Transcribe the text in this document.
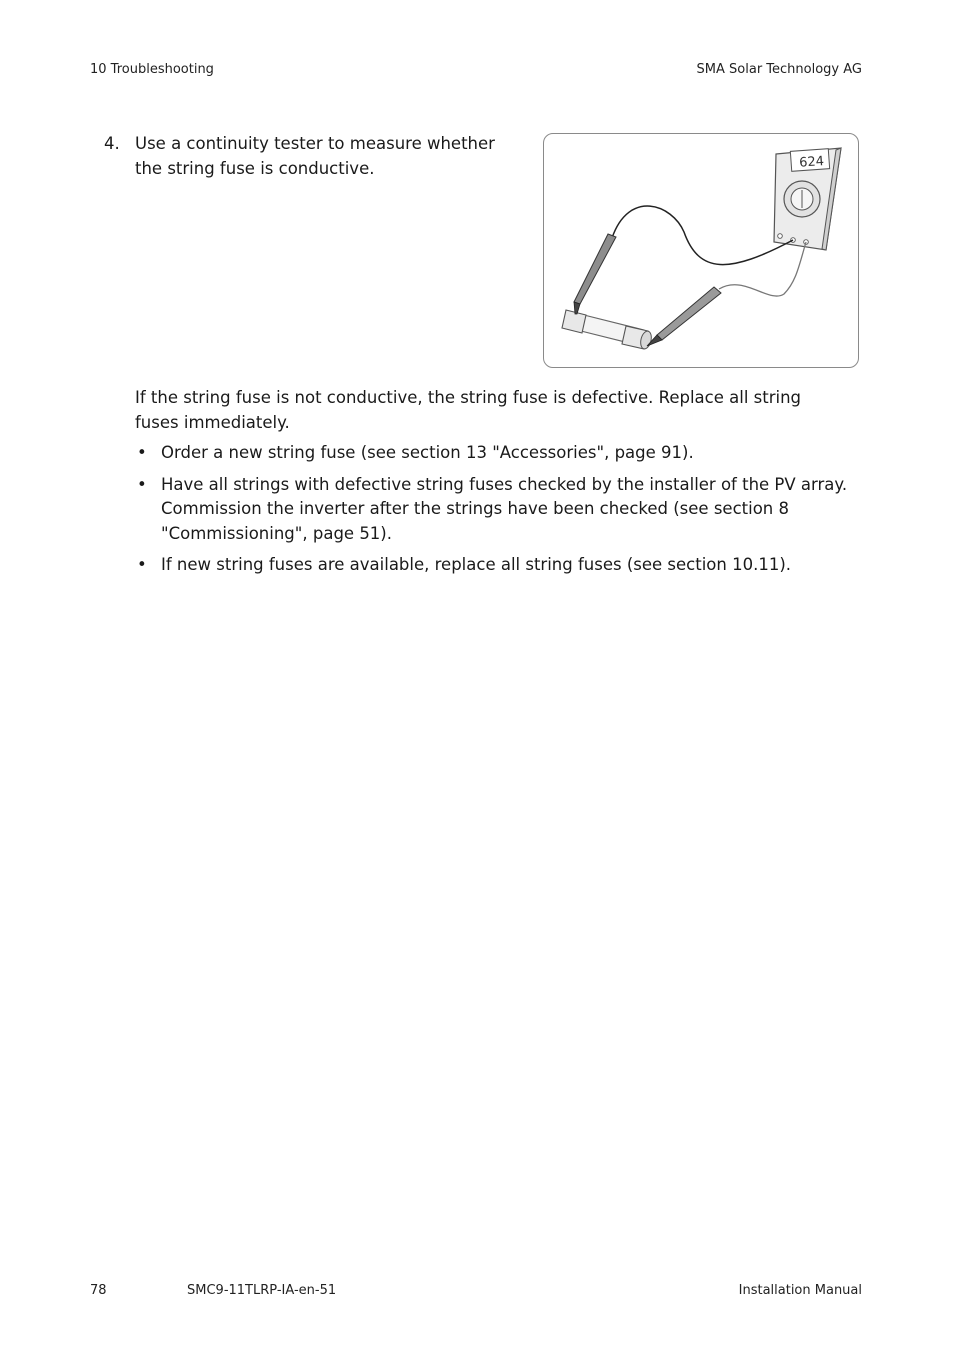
10 Troubleshooting	SMA Solar Technology AG
4. Use a continuity tester to measure whether the string fuse is conductive.	624
If the string fuse is not conductive, the string fuse is defective. Replace all string fuses immediately.
• Order a new string fuse (see section 13 "Accessories", page 91).
• Have all strings with defective string fuses checked by the installer of the PV array. Commission the inverter after the strings have been checked (see section 8 "Commissioning", page 51).
• If new string fuses are available, replace all string fuses (see section 10.11).
78	SMC9-11TLRP-IA-en-51	Installation Manual
